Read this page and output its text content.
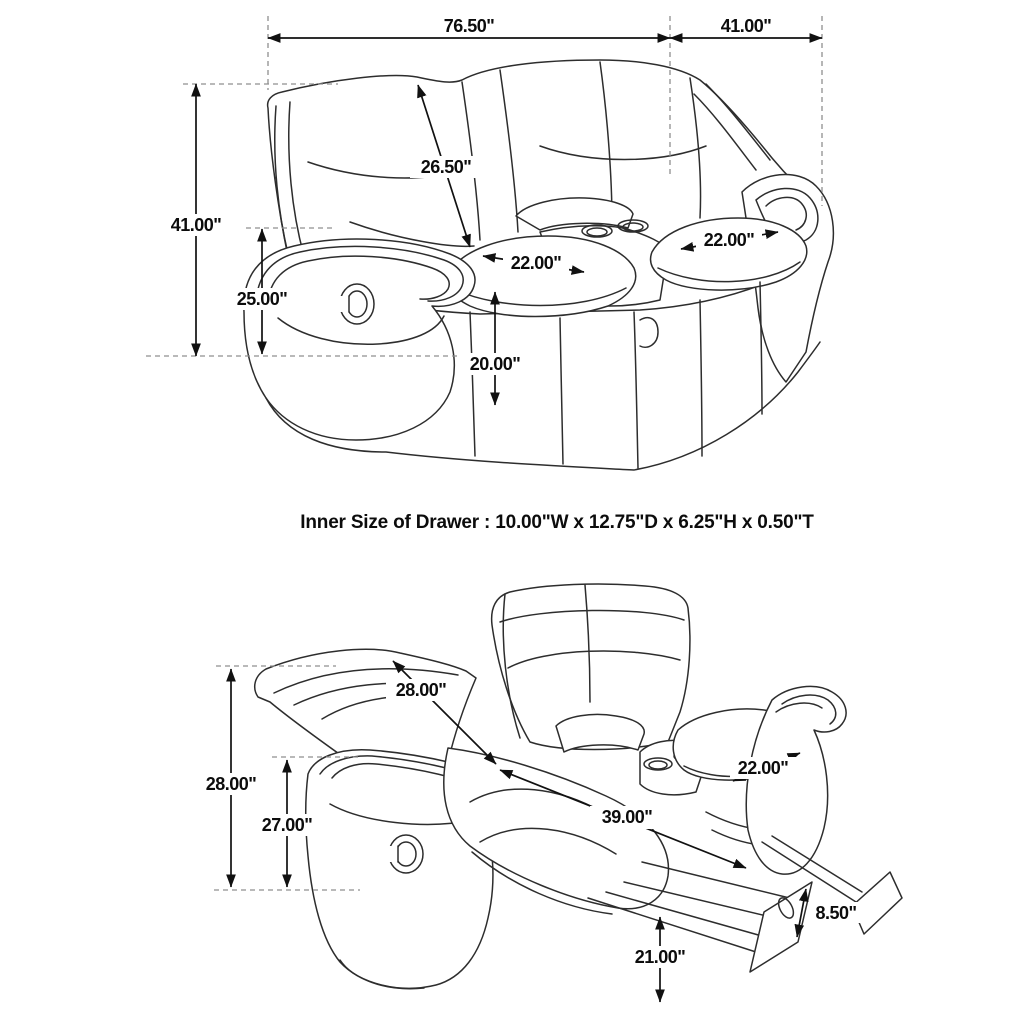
76.50"	41.00"
41.00"
25.00"
26.50"
22.00"
22.00"
20.00"
Inner Size of Drawer : 10.00"W x 12.75"D x 6.25"H x 0.50"T
28.00"
27.00"
28.00"
22.00"
39.00"
8.50"
21.00"
